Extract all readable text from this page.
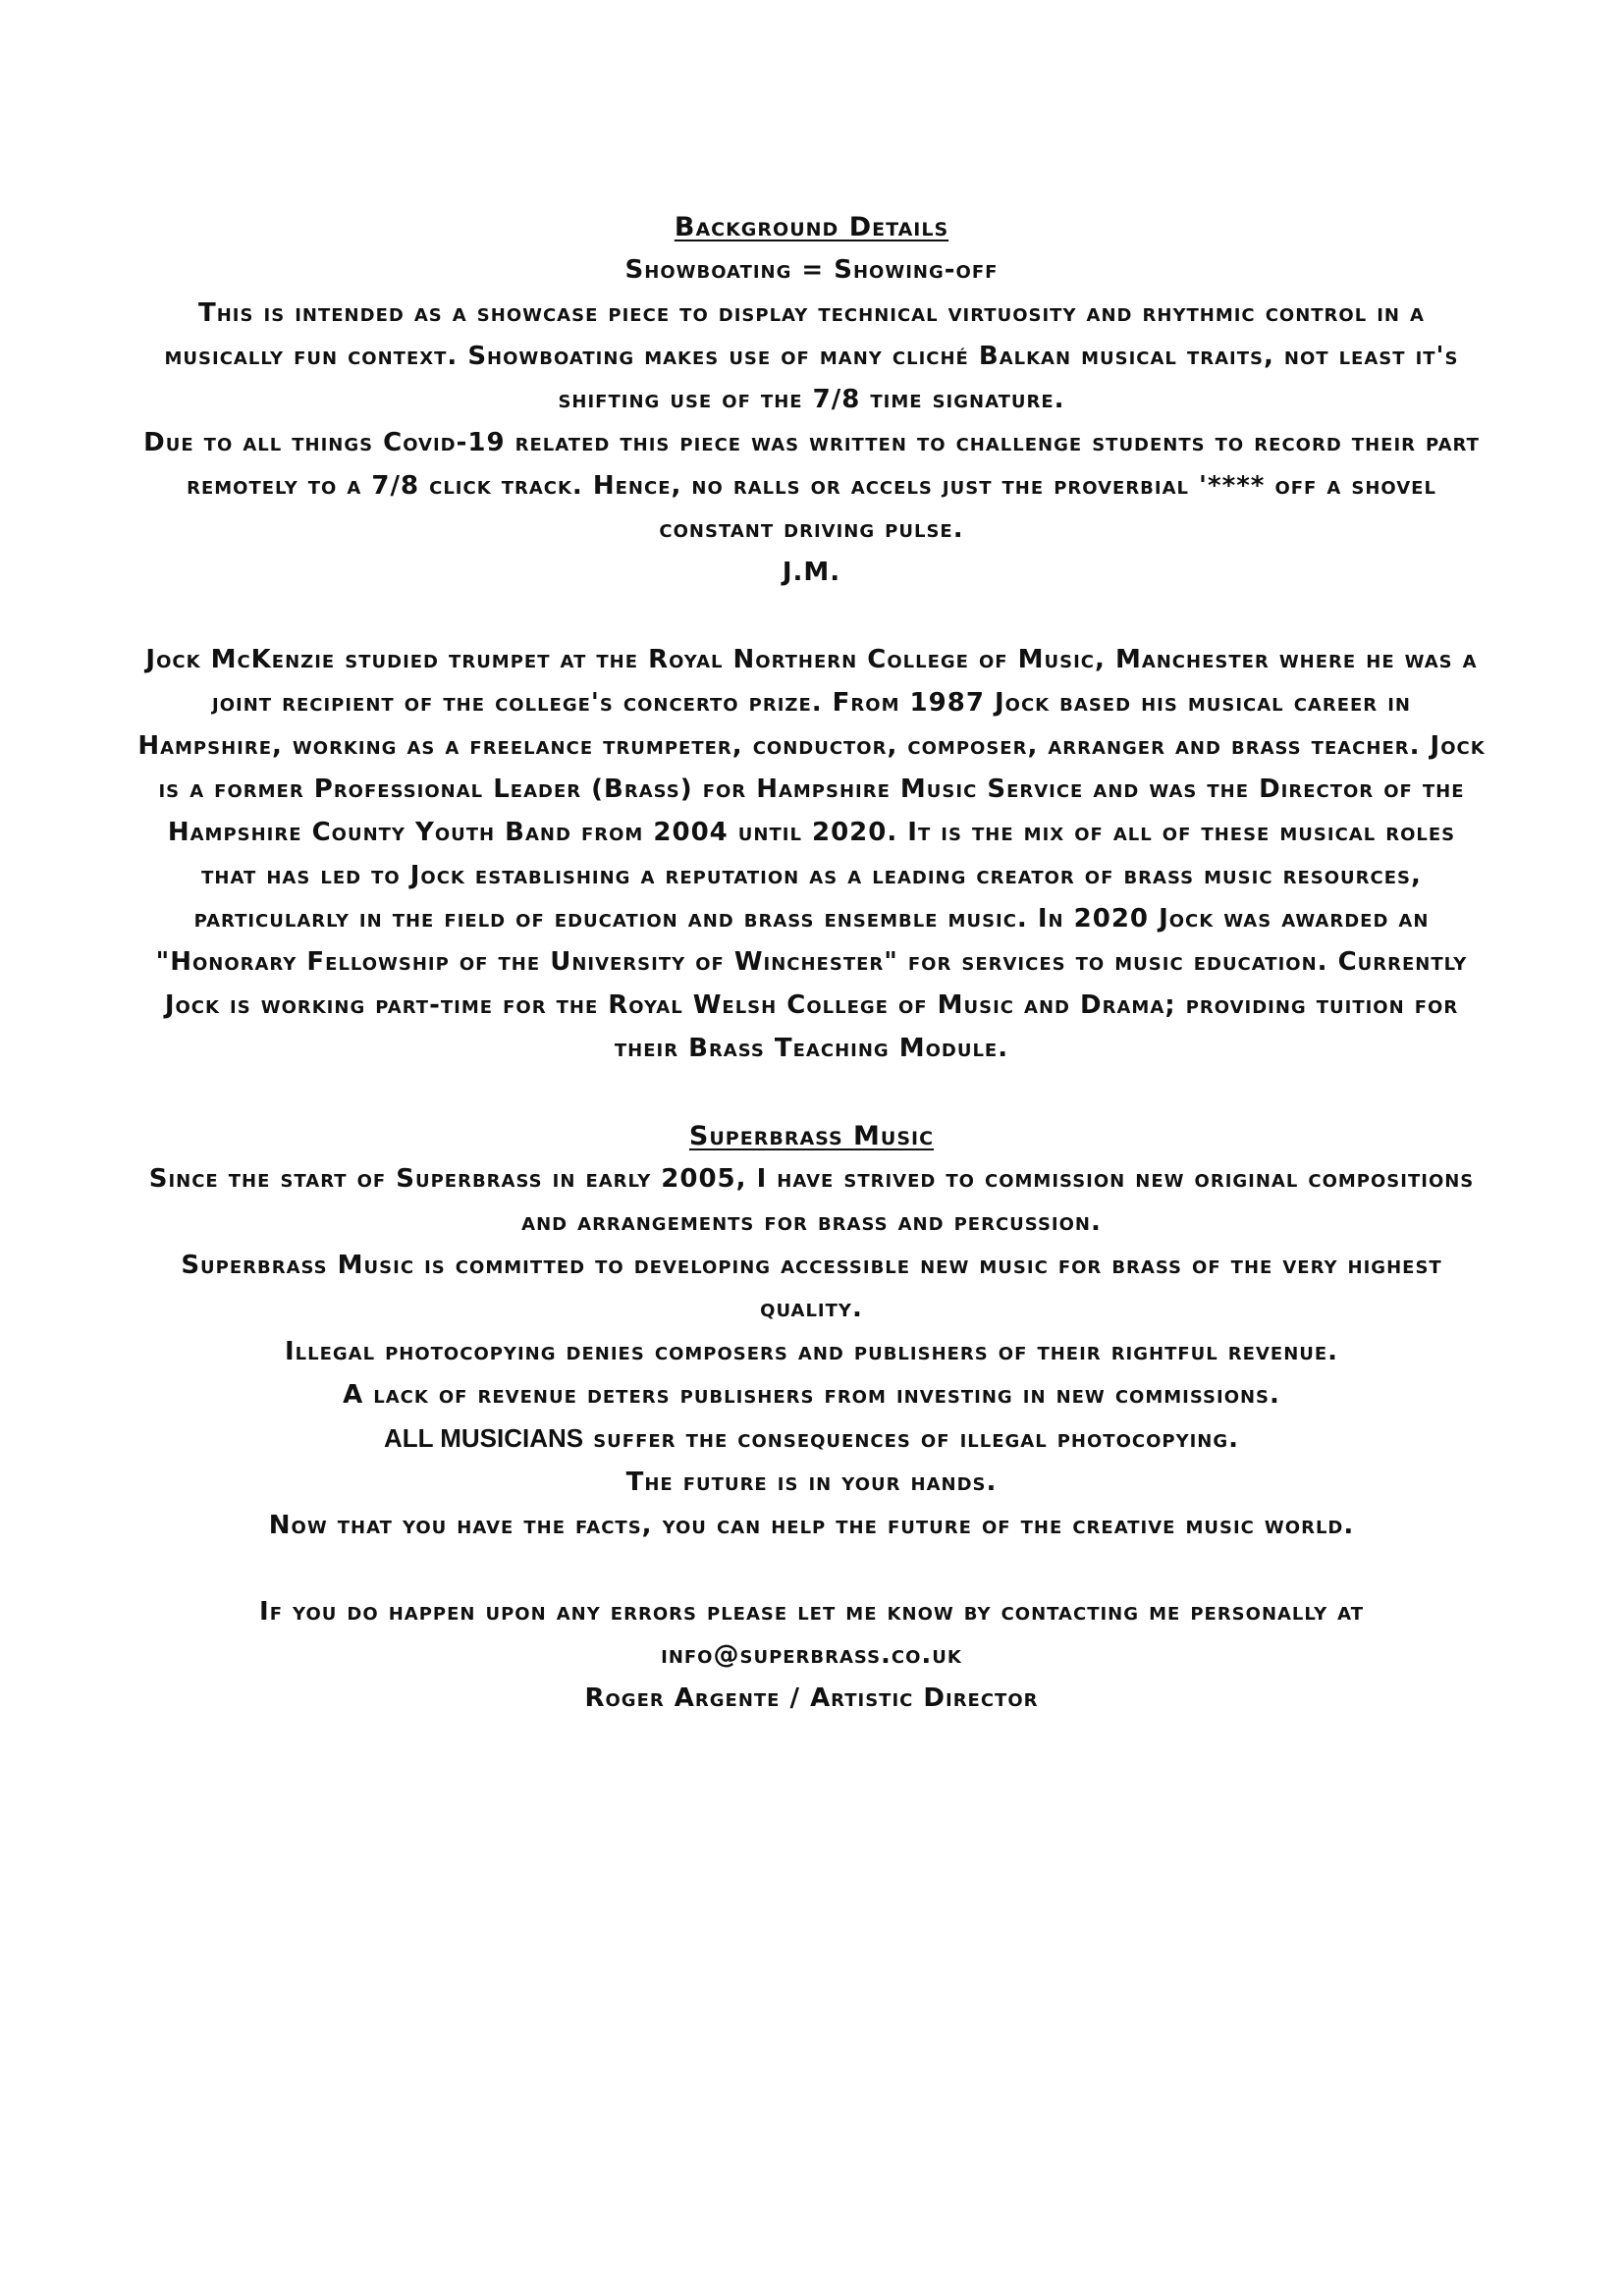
Background Details
Showboating = Showing-off
This is intended as a showcase piece to display technical virtuosity and rhythmic control in a musically fun context. Showboating makes use of many cliché Balkan musical traits, not least it's shifting use of the 7/8 time signature.
Due to all things Covid-19 related this piece was written to challenge students to record their part remotely to a 7/8 click track. Hence, no ralls or accels just the proverbial '**** off a shovel constant driving pulse.
J.M.
Jock McKenzie studied trumpet at the Royal Northern College of Music, Manchester where he was a joint recipient of the college's concerto prize. From 1987 Jock based his musical career in Hampshire, working as a freelance trumpeter, conductor, composer, arranger and brass teacher. Jock is a former Professional Leader (Brass) for Hampshire Music Service and was the Director of the Hampshire County Youth Band from 2004 until 2020. It is the mix of all of these musical roles that has led to Jock establishing a reputation as a leading creator of brass music resources, particularly in the field of education and brass ensemble music. In 2020 Jock was awarded an "Honorary Fellowship of the University of Winchester" for services to music education. Currently Jock is working part-time for the Royal Welsh College of Music and Drama; providing tuition for their Brass Teaching Module.
Superbrass Music
Since the start of Superbrass in early 2005, I have strived to commission new original compositions and arrangements for brass and percussion.
Superbrass Music is committed to developing accessible new music for brass of the very highest quality.
Illegal photocopying denies composers and publishers of their rightful revenue.
A lack of revenue deters publishers from investing in new commissions.
ALL MUSICIANS suffer the consequences of illegal photocopying.
The future is in your hands.
Now that you have the facts, you can help the future of the creative music world.
If you do happen upon any errors please let me know by contacting me personally at
info@superbrass.co.uk
Roger Argente / Artistic Director
